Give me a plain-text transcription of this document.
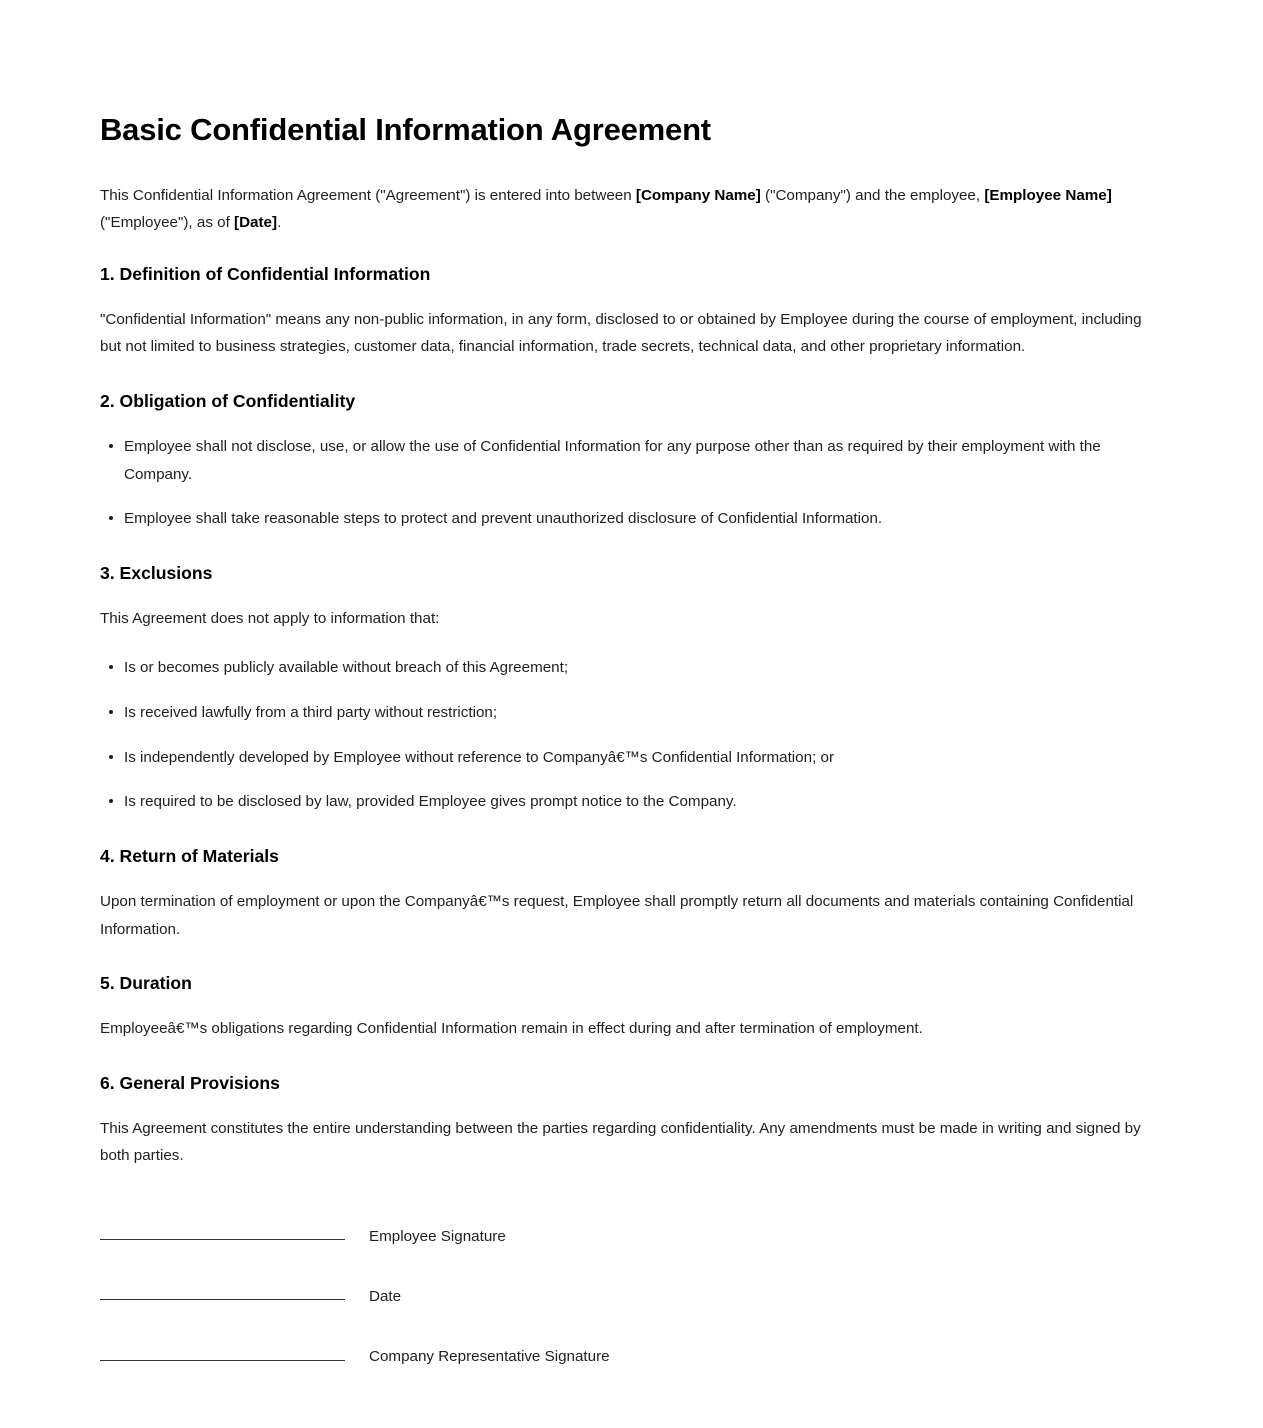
Basic Confidential Information Agreement

This Confidential Information Agreement ("Agreement") is entered into between [Company Name] ("Company") and the employee, [Employee Name] ("Employee"), as of [Date].

1. Definition of Confidential Information

"Confidential Information" means any non-public information, in any form, disclosed to or obtained by Employee during the course of employment, including but not limited to business strategies, customer data, financial information, trade secrets, technical data, and other proprietary information.

2. Obligation of Confidentiality
Employee shall not disclose, use, or allow the use of Confidential Information for any purpose other than as required by their employment with the Company.
Employee shall take reasonable steps to protect and prevent unauthorized disclosure of Confidential Information.
3. Exclusions

This Agreement does not apply to information that:

Is or becomes publicly available without breach of this Agreement;
Is received lawfully from a third party without restriction;
Is independently developed by Employee without reference to Companyâ€™s Confidential Information; or
Is required to be disclosed by law, provided Employee gives prompt notice to the Company.
4. Return of Materials

Upon termination of employment or upon the Companyâ€™s request, Employee shall promptly return all documents and materials containing Confidential Information.

5. Duration

Employeeâ€™s obligations regarding Confidential Information remain in effect during and after termination of employment.

6. General Provisions

This Agreement constitutes the entire understanding between the parties regarding confidentiality. Any amendments must be made in writing and signed by both parties.

Employee Signature
Date
Company Representative Signature
